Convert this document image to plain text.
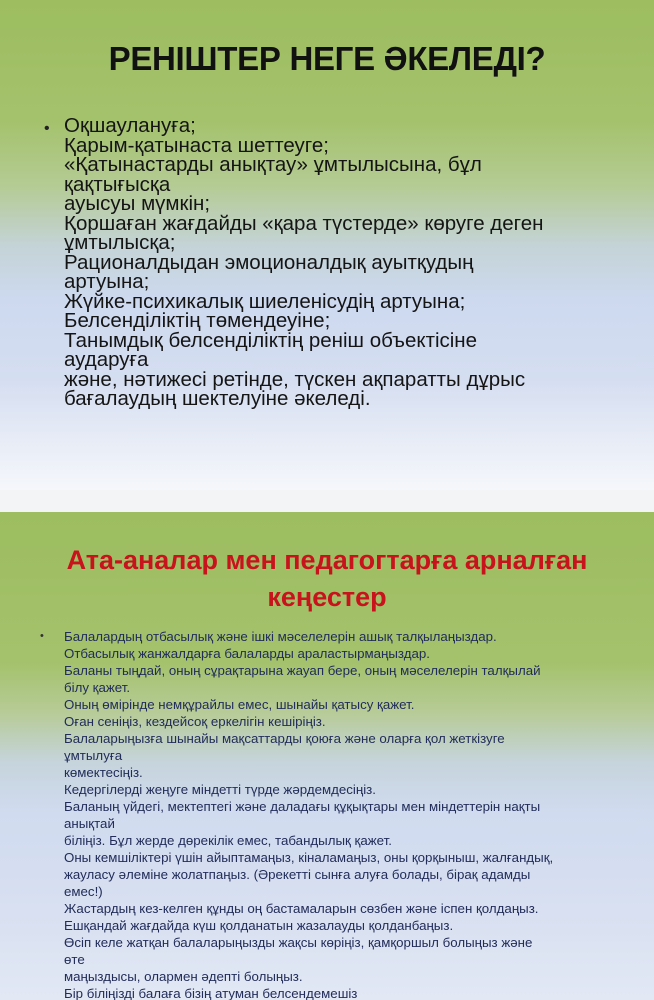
РЕНІШТЕР НЕГЕ ӘКЕЛЕДІ?
• Оқшаулануға;
Қарым-қатынаста шеттеуге;
«Қатынастарды анықтау» ұмтылысына, бұл
қақтығысқа
ауысуы мүмкін;
Қоршаған жағдайды «қара түстерде» көруге деген
ұмтылысқа;
Рационалдыдан эмоционалдық ауытқудың
артуына;
Жүйке-психикалық шиеленісудің артуына;
Белсенділіктің төмендеуіне;
Танымдық белсенділіктің реніш объектісіне
аударуға
және, нәтижесі ретінде, түскен ақпаратты дұрыс
бағалаудың шектелуіне әкеледі.
Ата-аналар мен педагогтарға арналған кеңестер
• Балалардың отбасылық және ішкі мәселелерін ашық талқылаңыздар.
Отбасылық жанжалдарға балаларды араластырмаңыздар.
Баланы тыңдай, оның сұрақтарына жауап бере, оның мәселелерін талқылай
білу қажет.
Оның өмірінде немқұрайлы емес, шынайы қатысу қажет.
Оған сеніңіз, кездейсоқ еркелігін кешіріңіз.
Балаларыңызға шынайы мақсаттарды қоюға және оларға қол жеткізуге
ұмтылуға
көмектесіңіз.
Кедергілерді жеңуге міндетті түрде жәрдемдесіңіз.
Баланың үйдегі, мектептегі және даладағы құқықтары мен міндеттерін нақты
анықтай
біліңіз. Бұл жерде дөрекілік емес, табандылық қажет.
Оны кемшіліктері үшін айыптамаңыз, кіналамаңыз, оны қорқыныш, жалғандық,
жауласу әлеміне жолатпаңыз. (Әрекетті сынға алуға болады, бірақ адамды
емес!)
Жастардың кез-келген құнды оң бастамаларын сөзбен және іспен қолдаңыз.
Ешқандай жағдайда күш қолданатын жазалауды қолданбаңыз.
Өсіп келе жатқан балаларыңызды жақсы көріңіз, қамқоршыл болыңыз және
өте
маңыздысы, олармен әдепті болыңыз.
Бір біліңізді балаға бізің атуман белсендемешіз
